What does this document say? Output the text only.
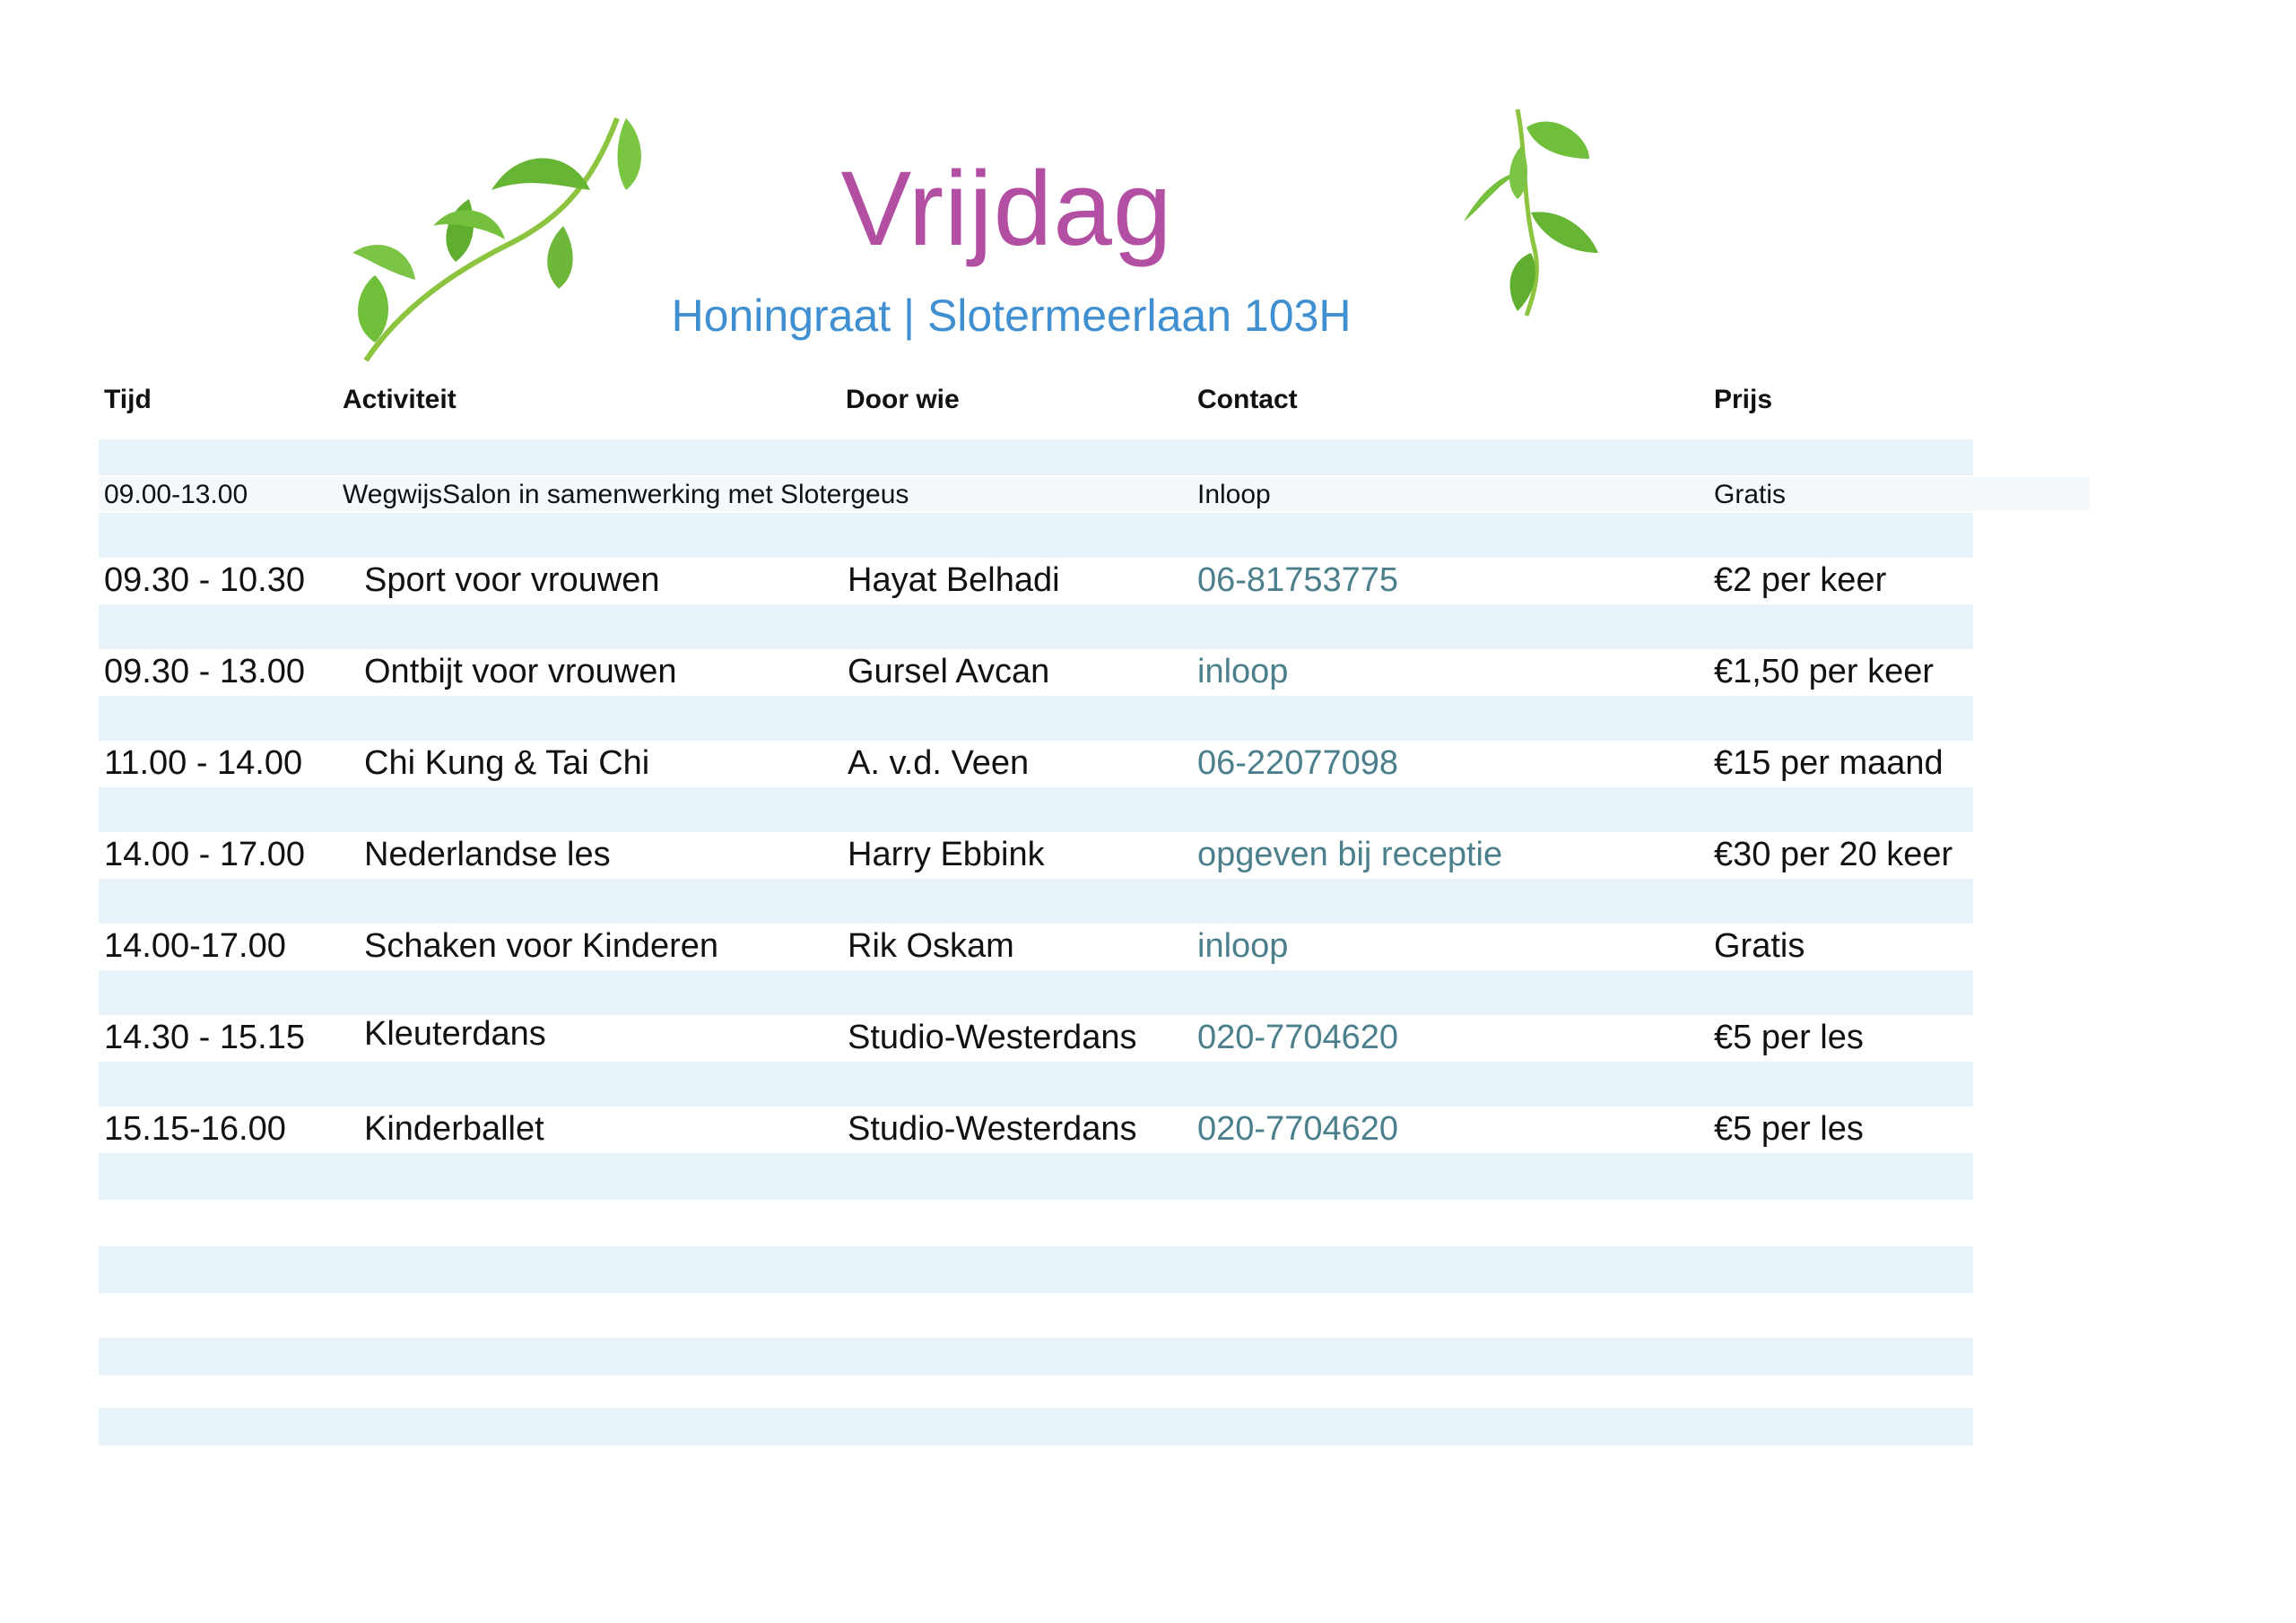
Vrijdag
Honingraat | Slotermeerlaan 103H
Tijd	Activiteit	Door wie	Contact	Prijs
09.00-13.00	WegwijsSalon in samenwerking met Slotergeus	Inloop	Gratis
09.30 - 10.30 Sport voor vrouwen	Hayat Belhadi	06-81753775	€2 per keer
09.30 - 13.00 Ontbijt voor vrouwen	Gursel Avcan	inloop	€1,50 per keer
11.00 - 14.00 Chi Kung & Tai Chi	A. v.d. Veen	06-22077098	€15 per maand
14.00 - 17.00 Nederlandse les	Harry Ebbink	opgeven bij receptie	€30 per 20 keer
14.00-17.00 Schaken voor Kinderen	Rik Oskam	inloop	Gratis
14.30 - 15.15 Kleuterdans	Studio-Westerdans 020-7704620	€5 per les
15.15-16.00 Kinderballet	Studio-Westerdans 020-7704620	€5 per les
